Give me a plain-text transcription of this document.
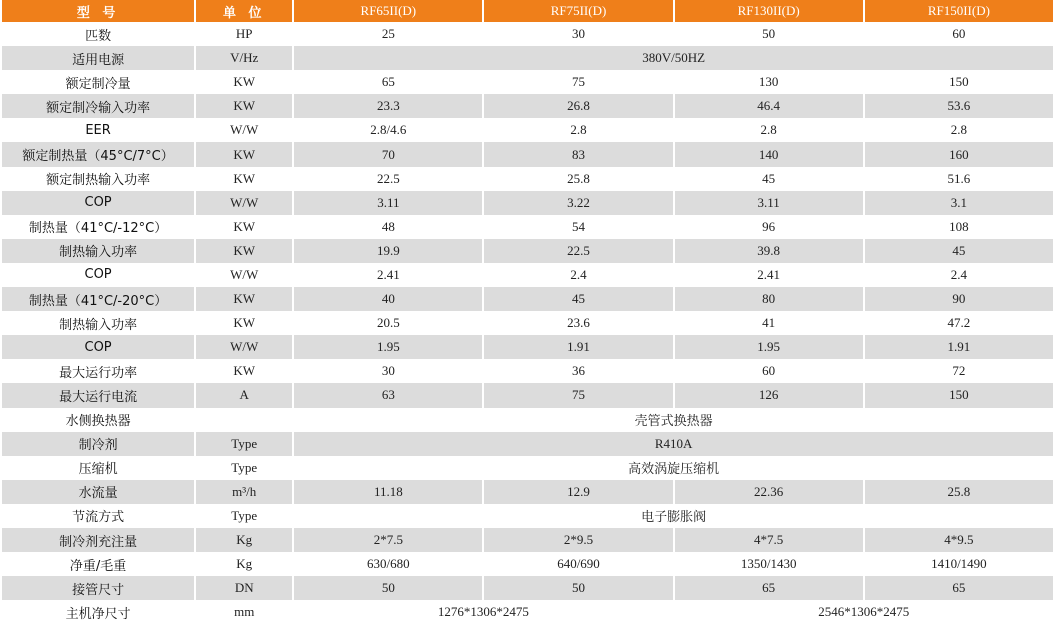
型 号	单 位	RF65II(D)	RF75II(D)	RF130II(D)	RF150II(D)
匹数	HP	25	30	50	60
适用电源	V/Hz	380V/50HZ			
额定制冷量	KW	65	75	130	150
额定制冷输入功率	KW	23.3	26.8	46.4	53.6
EER	W/W	2.8/4.6	2.8	2.8	2.8
额定制热量（45°C/7°C）	KW	70	83	140	160
额定制热输入功率	KW	22.5	25.8	45	51.6
COP	W/W	3.11	3.22	3.11	3.1
制热量（41°C/-12°C）	KW	48	54	96	108
制热输入功率	KW	19.9	22.5	39.8	45
COP	W/W	2.41	2.4	2.41	2.4
制热量（41°C/-20°C）	KW	40	45	80	90
制热输入功率	KW	20.5	23.6	41	47.2
COP	W/W	1.95	1.91	1.95	1.91
最大运行功率	KW	30	36	60	72
最大运行电流	A	63	75	126	150
水侧换热器		壳管式换热器			
制冷剂	Type	R410A			
压缩机	Type	高效涡旋压缩机			
水流量	m³/h	11.18	12.9	22.36	25.8
节流方式	Type	电子膨胀阀			
制冷剂充注量	Kg	2*7.5	2*9.5	4*7.5	4*9.5
净重/毛重	Kg	630/680	640/690	1350/1430	1410/1490
接管尺寸	DN	50	50	65	65
主机净尺寸	mm	1276*1306*2475		2546*1306*2475	
